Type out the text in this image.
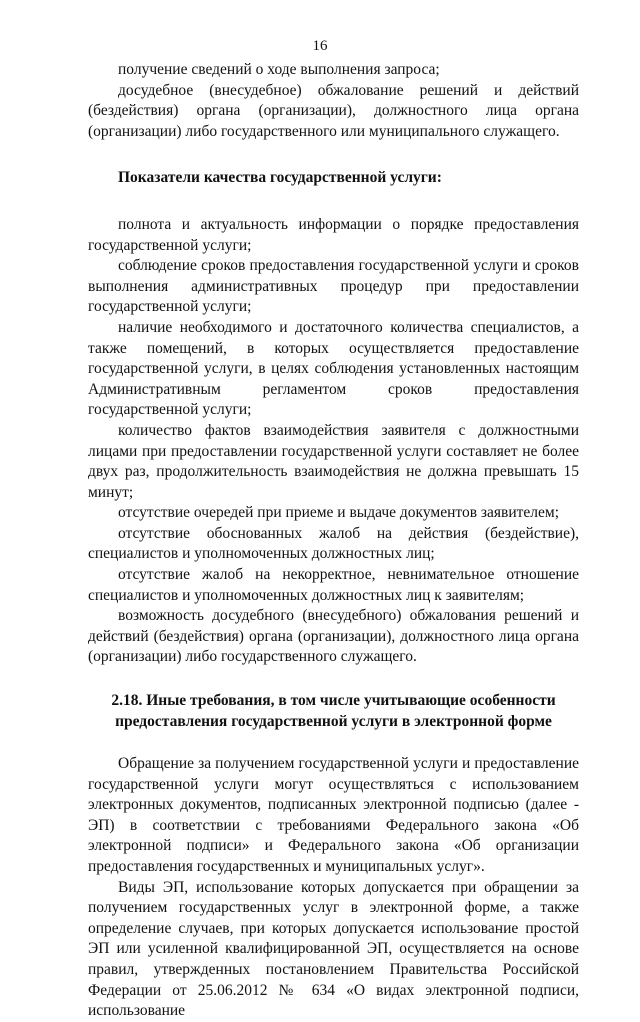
16

получение сведений о ходе выполнения запроса;

досудебное (внесудебное) обжалование решений и действий (бездействия) органа (организации), должностного лица органа (организации) либо государственного или муниципального служащего.

Показатели качества государственной услуги:

полнота и актуальность информации о порядке предоставления государственной услуги;

соблюдение сроков предоставления государственной услуги и сроков выполнения административных процедур при предоставлении государственной услуги;

наличие необходимого и достаточного количества специалистов, а также помещений, в которых осуществляется предоставление государственной услуги, в целях соблюдения установленных настоящим Административным регламентом сроков предоставления государственной услуги;

количество фактов взаимодействия заявителя с должностными лицами при предоставлении государственной услуги составляет не более двух раз, продолжительность взаимодействия не должна превышать 15 минут;

отсутствие очередей при приеме и выдаче документов заявителем;

отсутствие обоснованных жалоб на действия (бездействие), специалистов и уполномоченных должностных лиц;

отсутствие жалоб на некорректное, невнимательное отношение специалистов и уполномоченных должностных лиц к заявителям;

возможность досудебного (внесудебного) обжалования решений и действий (бездействия) органа (организации), должностного лица органа (организации) либо государственного служащего.

2.18. Иные требования, в том числе учитывающие особенности
предоставления государственной услуги в электронной форме

Обращение за получением государственной услуги и предоставление государственной услуги могут осуществляться с использованием электронных документов, подписанных электронной подписью (далее - ЭП) в соответствии с требованиями Федерального закона «Об электронной подписи» и Федерального закона «Об организации предоставления государственных и муниципальных услуг».

Виды ЭП, использование которых допускается при обращении за получением государственных услуг в электронной форме, а также определение случаев, при которых допускается использование простой ЭП или усиленной квалифицированной ЭП, осуществляется на основе правил, утвержденных постановлением Правительства Российской Федерации от 25.06.2012 № 634 «О видах электронной подписи, использование
